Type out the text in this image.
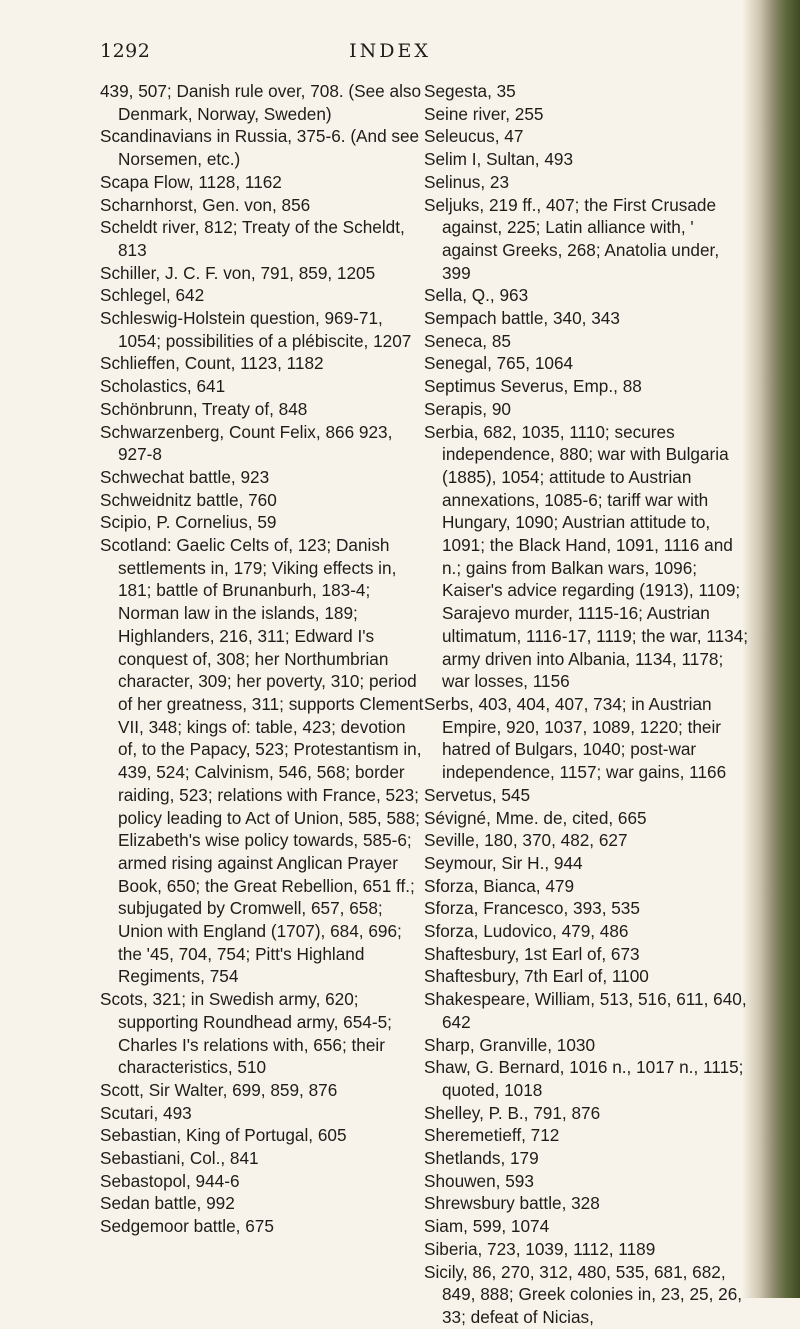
1292	INDEX

439, 507; Danish rule over, 708. (See also Denmark, Norway, Sweden)

Scandinavians in Russia, 375-6. (And see Norsemen, etc.)

Scapa Flow, 1128, 1162

Scharnhorst, Gen. von, 856

Scheldt river, 812; Treaty of the Scheldt, 813

Schiller, J. C. F. von, 791, 859, 1205

Schlegel, 642

Schleswig-Holstein question, 969-71, 1054; possibilities of a plébiscite, 1207

Schlieffen, Count, 1123, 1182

Scholastics, 641

Schönbrunn, Treaty of, 848

Schwarzenberg, Count Felix, 866 923, 927-8

Schwechat battle, 923

Schweidnitz battle, 760

Scipio, P. Cornelius, 59

Scotland: Gaelic Celts of, 123; Danish settlements in, 179; Viking effects in, 181; battle of Brunanburh, 183-4; Norman law in the islands, 189; Highlanders, 216, 311; Edward I's conquest of, 308; her Northumbrian character, 309; her poverty, 310; period of her greatness, 311; supports Clement VII, 348; kings of: table, 423; devotion of, to the Papacy, 523; Protestantism in, 439, 524; Calvinism, 546, 568; border raiding, 523; relations with France, 523; policy leading to Act of Union, 585, 588; Elizabeth's wise policy towards, 585-6; armed rising against Anglican Prayer Book, 650; the Great Rebellion, 651 ff.; subjugated by Cromwell, 657, 658; Union with England (1707), 684, 696; the '45, 704, 754; Pitt's Highland Regiments, 754

Scots, 321; in Swedish army, 620; supporting Roundhead army, 654-5; Charles I's relations with, 656; their characteristics, 510

Scott, Sir Walter, 699, 859, 876

Scutari, 493

Sebastian, King of Portugal, 605

Sebastiani, Col., 841

Sebastopol, 944-6

Sedan battle, 992

Sedgemoor battle, 675

Segesta, 35

Seine river, 255

Seleucus, 47

Selim I, Sultan, 493

Selinus, 23

Seljuks, 219 ff., 407; the First Crusade against, 225; Latin alliance with, ' against Greeks, 268; Anatolia under, 399

Sella, Q., 963

Sempach battle, 340, 343

Seneca, 85

Senegal, 765, 1064

Septimus Severus, Emp., 88

Serapis, 90

Serbia, 682, 1035, 1110; secures independence, 880; war with Bulgaria (1885), 1054; attitude to Austrian annexations, 1085-6; tariff war with Hungary, 1090; Austrian attitude to, 1091; the Black Hand, 1091, 1116 and n.; gains from Balkan wars, 1096; Kaiser's advice regarding (1913), 1109; Sarajevo murder, 1115-16; Austrian ultimatum, 1116-17, 1119; the war, 1134; army driven into Albania, 1134, 1178; war losses, 1156

Serbs, 403, 404, 407, 734; in Austrian Empire, 920, 1037, 1089, 1220; their hatred of Bulgars, 1040; post-war independence, 1157; war gains, 1166

Servetus, 545

Sévigné, Mme. de, cited, 665

Seville, 180, 370, 482, 627

Seymour, Sir H., 944

Sforza, Bianca, 479

Sforza, Francesco, 393, 535

Sforza, Ludovico, 479, 486

Shaftesbury, 1st Earl of, 673

Shaftesbury, 7th Earl of, 1100

Shakespeare, William, 513, 516, 611, 640, 642

Sharp, Granville, 1030

Shaw, G. Bernard, 1016 n., 1017 n., 1115; quoted, 1018

Shelley, P. B., 791, 876

Sheremetieff, 712

Shetlands, 179

Shouwen, 593

Shrewsbury battle, 328

Siam, 599, 1074

Siberia, 723, 1039, 1112, 1189

Sicily, 86, 270, 312, 480, 535, 681, 682, 849, 888; Greek colonies in, 23, 25, 26, 33; defeat of Nicias,
